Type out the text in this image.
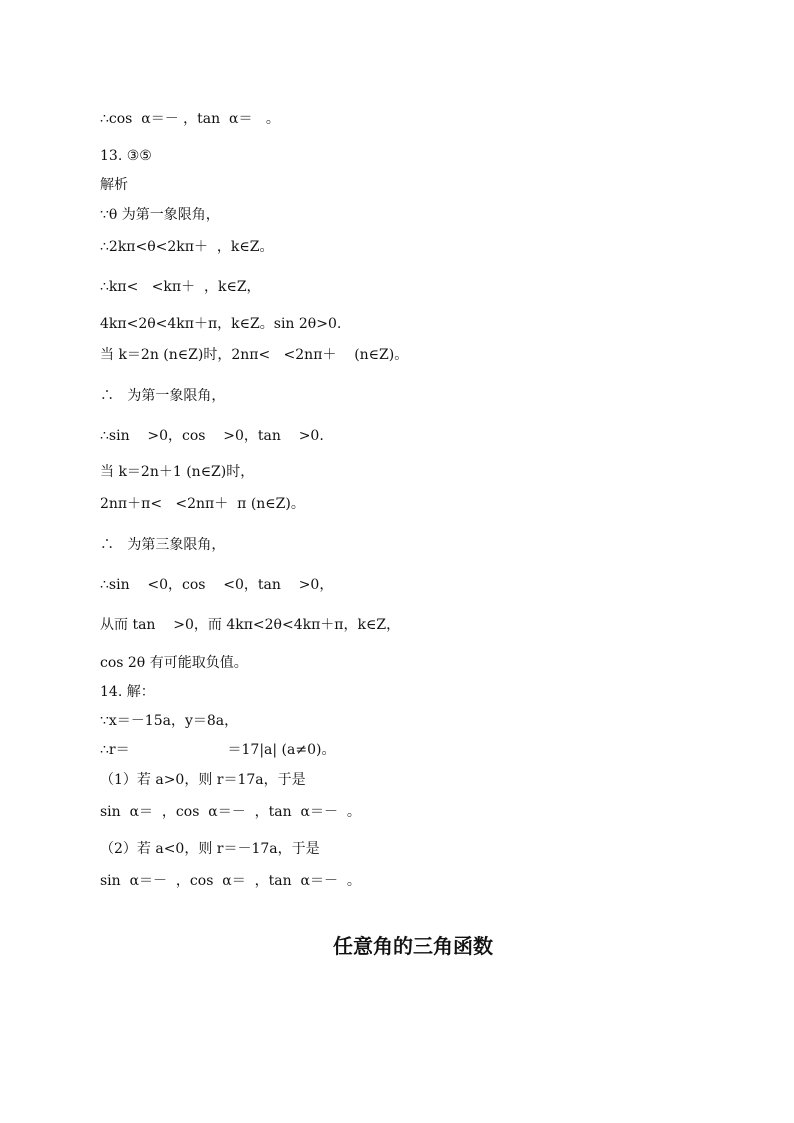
∴cos  α＝－ ，tan  α＝   。
13. ③⑤
解析
∵θ 为第一象限角，
∴2kπ<θ<2kπ＋  ，k∈Z。
∴kπ<   <kπ＋  ，k∈Z，
4kπ<2θ<4kπ＋π，k∈Z。sin 2θ>0.
当 k＝2n (n∈Z)时，2nπ<   <2nπ＋    (n∈Z)。
∴   为第一象限角，
∴sin    >0，cos    >0，tan    >0.
当 k＝2n＋1 (n∈Z)时，
2nπ＋π<   <2nπ＋  π (n∈Z)。
∴   为第三象限角，
∴sin    <0，cos    <0，tan    >0，
从而 tan    >0，而 4kπ<2θ<4kπ＋π，k∈Z，
cos 2θ 有可能取负值。
14. 解：
∵x＝－15a，y＝8a，
∴r＝                      ＝17|a| (a≠0)。
（1）若 a>0，则 r＝17a，于是
sin  α＝  ，cos  α＝－  ，tan  α＝－  。
（2）若 a<0，则 r＝－17a，于是
sin  α＝－  ，cos  α＝  ，tan  α＝－  。
任意角的三角函数
